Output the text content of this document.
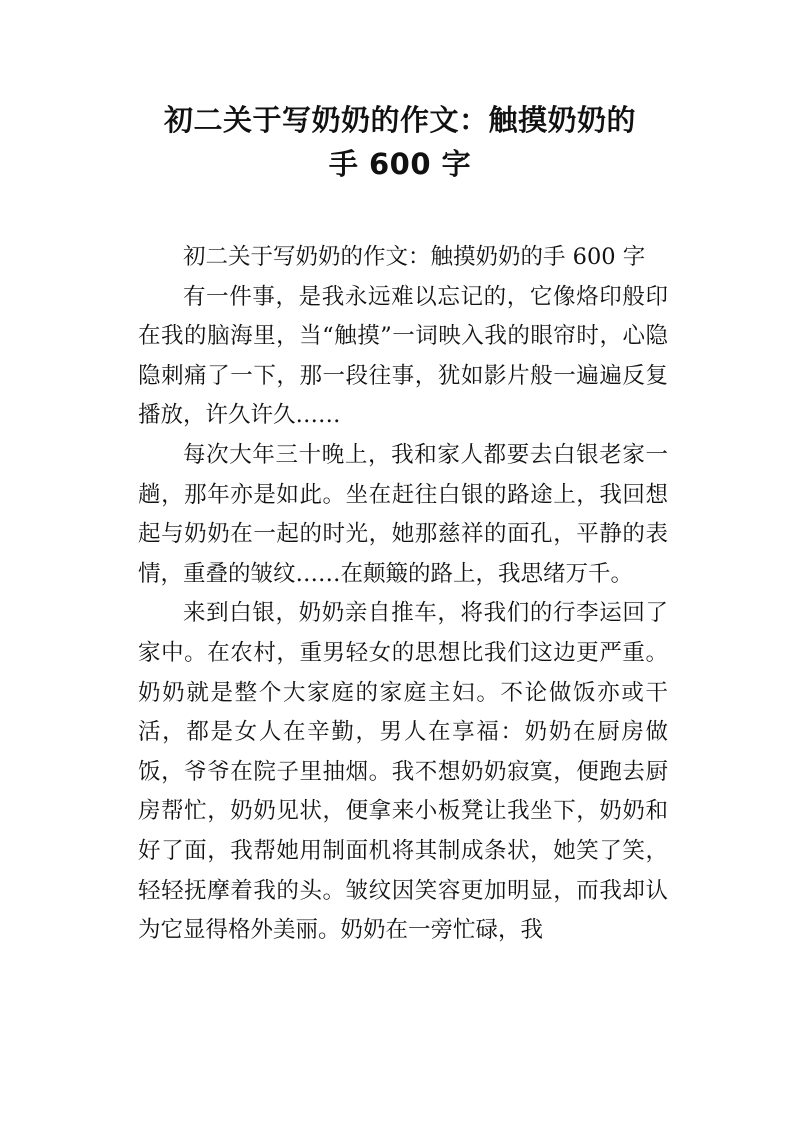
初二关于写奶奶的作文：触摸奶奶的
手 600 字

初二关于写奶奶的作文：触摸奶奶的手 600 字

有一件事，是我永远难以忘记的，它像烙印般印在我的脑海里，当“触摸”一词映入我的眼帘时，心隐隐刺痛了一下，那一段往事，犹如影片般一遍遍反复播放，许久许久……

每次大年三十晚上，我和家人都要去白银老家一趟，那年亦是如此。坐在赶往白银的路途上，我回想起与奶奶在一起的时光，她那慈祥的面孔，平静的表情，重叠的皱纹……在颠簸的路上，我思绪万千。

来到白银，奶奶亲自推车，将我们的行李运回了家中。在农村，重男轻女的思想比我们这边更严重。奶奶就是整个大家庭的家庭主妇。不论做饭亦或干活，都是女人在辛勤，男人在享福：奶奶在厨房做饭，爷爷在院子里抽烟。我不想奶奶寂寞，便跑去厨房帮忙，奶奶见状，便拿来小板凳让我坐下，奶奶和好了面，我帮她用制面机将其制成条状，她笑了笑，轻轻抚摩着我的头。皱纹因笑容更加明显，而我却认为它显得格外美丽。奶奶在一旁忙碌，我
